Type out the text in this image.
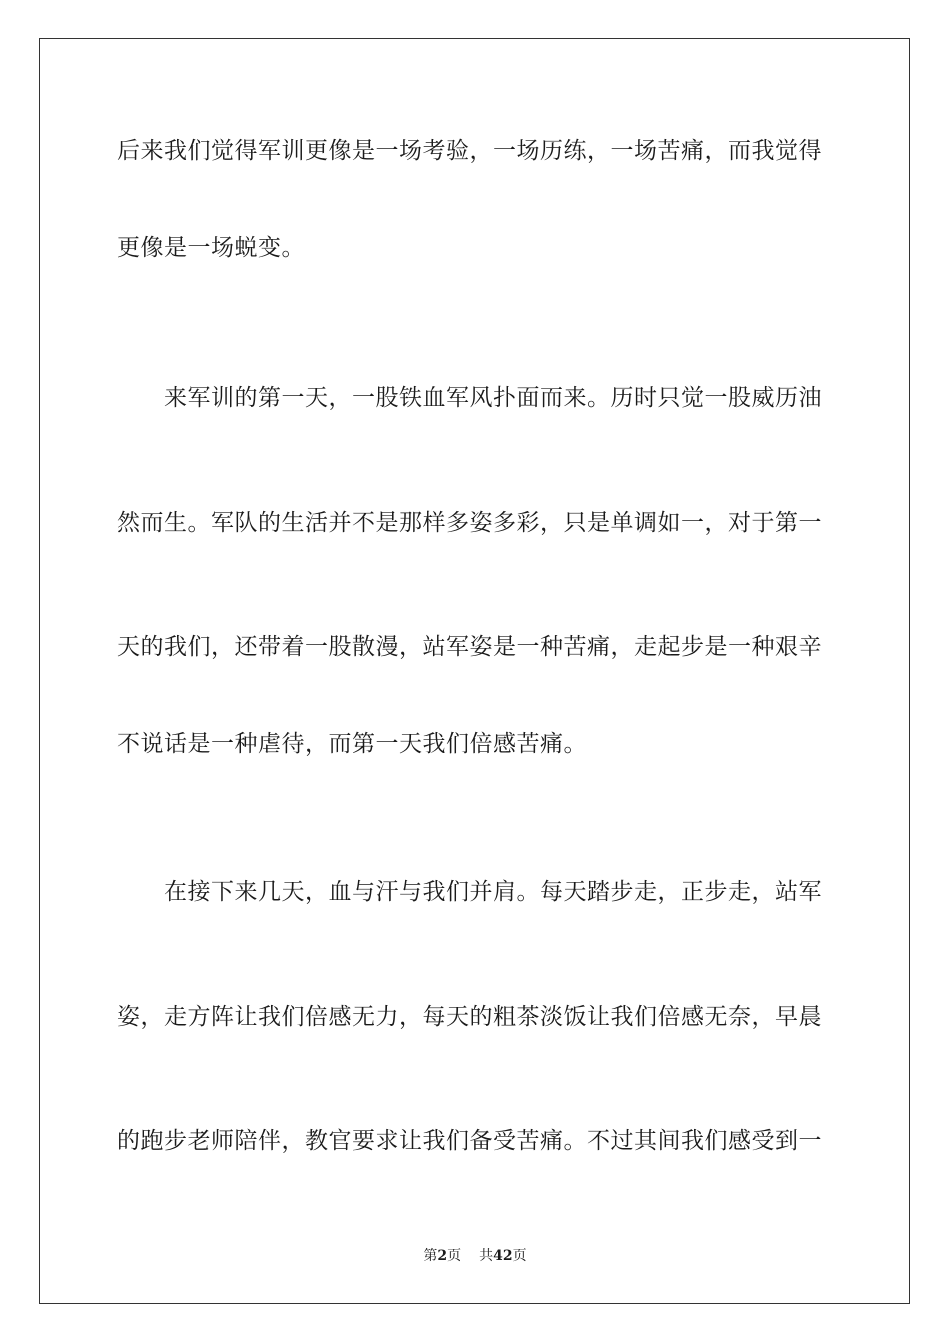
后来我们觉得军训更像是一场考验，一场历练，一场苦痛，而我觉得
更像是一场蜕变。
　　来军训的第一天，一股铁血军风扑面而来。历时只觉一股威历油
然而生。军队的生活并不是那样多姿多彩，只是单调如一，对于第一
天的我们，还带着一股散漫，站军姿是一种苦痛，走起步是一种艰辛
不说话是一种虐待，而第一天我们倍感苦痛。
　　在接下来几天，血与汗与我们并肩。每天踏步走，正步走，站军
姿，走方阵让我们倍感无力，每天的粗茶淡饭让我们倍感无奈，早晨
的跑步老师陪伴，教官要求让我们备受苦痛。不过其间我们感受到一
第2页 共42页
